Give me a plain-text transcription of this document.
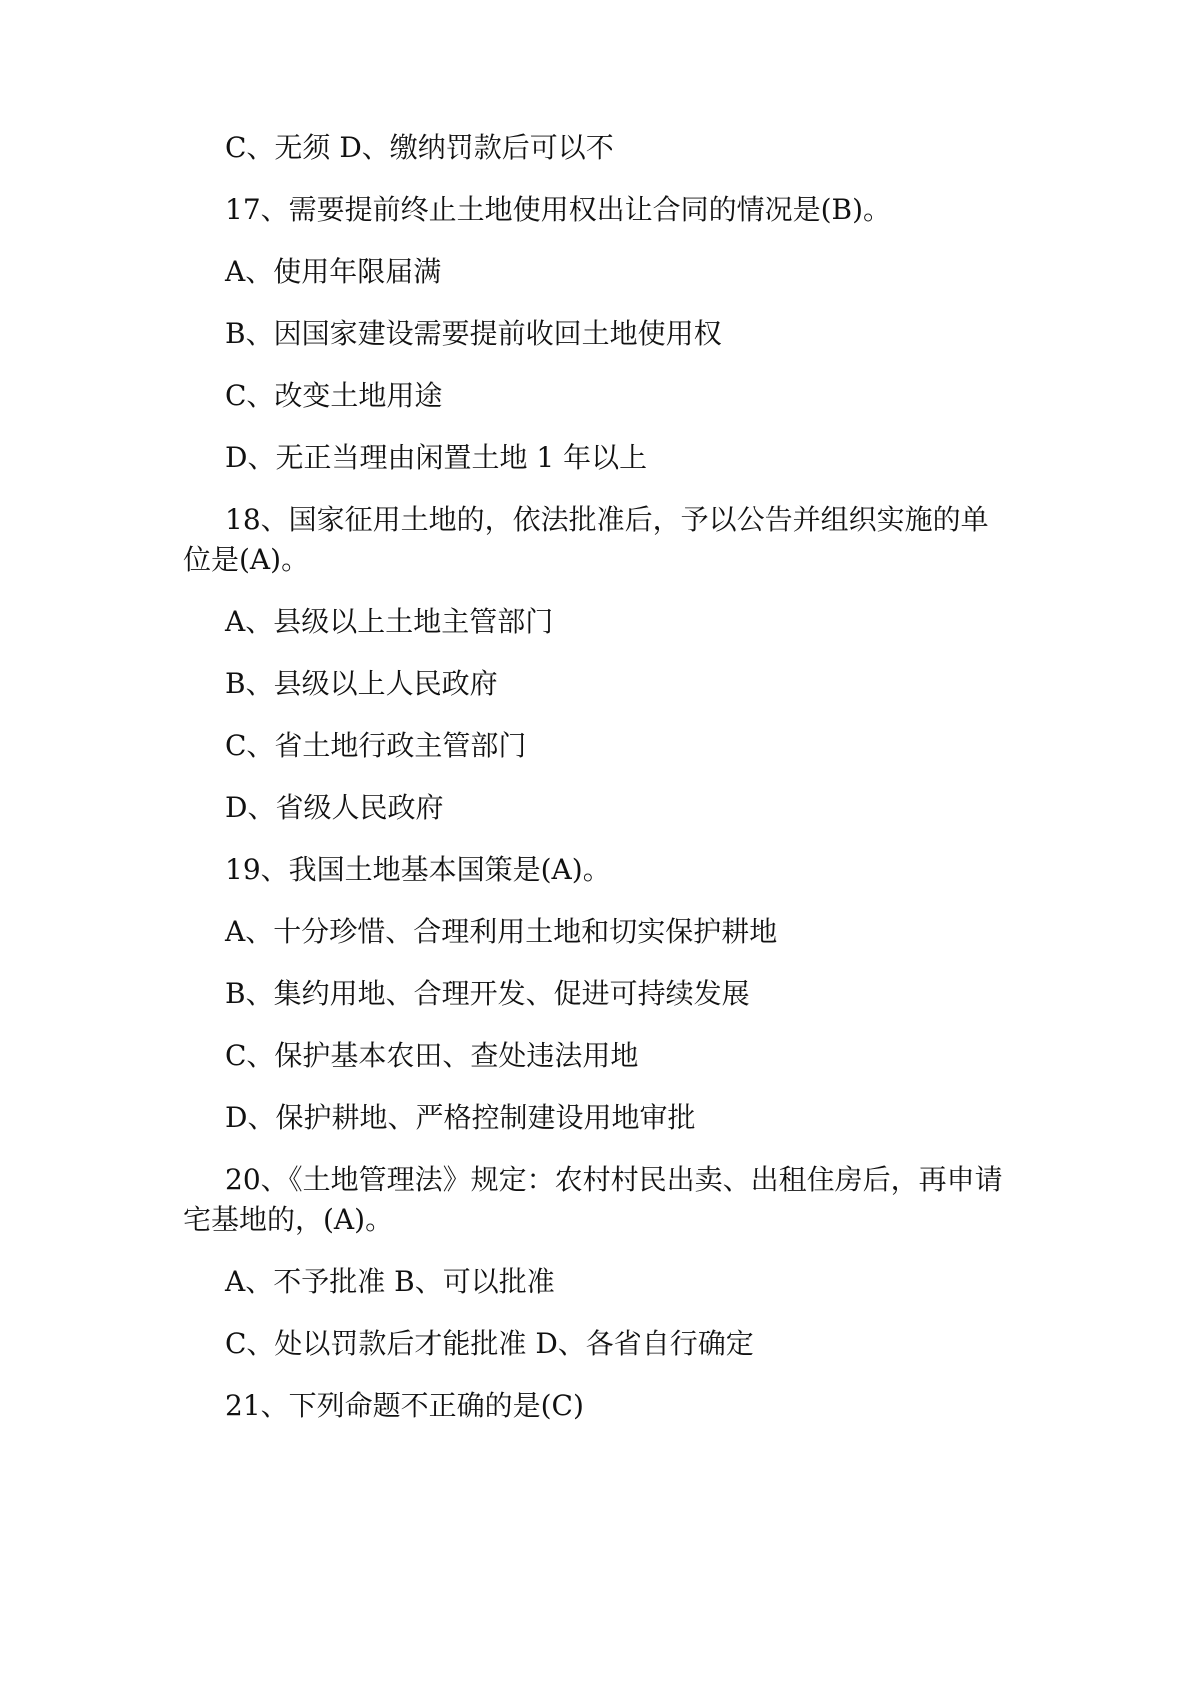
C、无须 D、缴纳罚款后可以不

17、需要提前终止土地使用权出让合同的情况是(B)。

A、使用年限届满

B、因国家建设需要提前收回土地使用权

C、改变土地用途

D、无正当理由闲置土地 1 年以上

18、国家征用土地的，依法批准后，予以公告并组织实施的单位是(A)。

A、县级以上土地主管部门

B、县级以上人民政府

C、省土地行政主管部门

D、省级人民政府

19、我国土地基本国策是(A)。

A、十分珍惜、合理利用土地和切实保护耕地

B、集约用地、合理开发、促进可持续发展

C、保护基本农田、查处违法用地

D、保护耕地、严格控制建设用地审批

20、《土地管理法》规定：农村村民出卖、出租住房后，再申请宅基地的，(A)。

A、不予批准 B、可以批准

C、处以罚款后才能批准 D、各省自行确定

21、下列命题不正确的是(C)
